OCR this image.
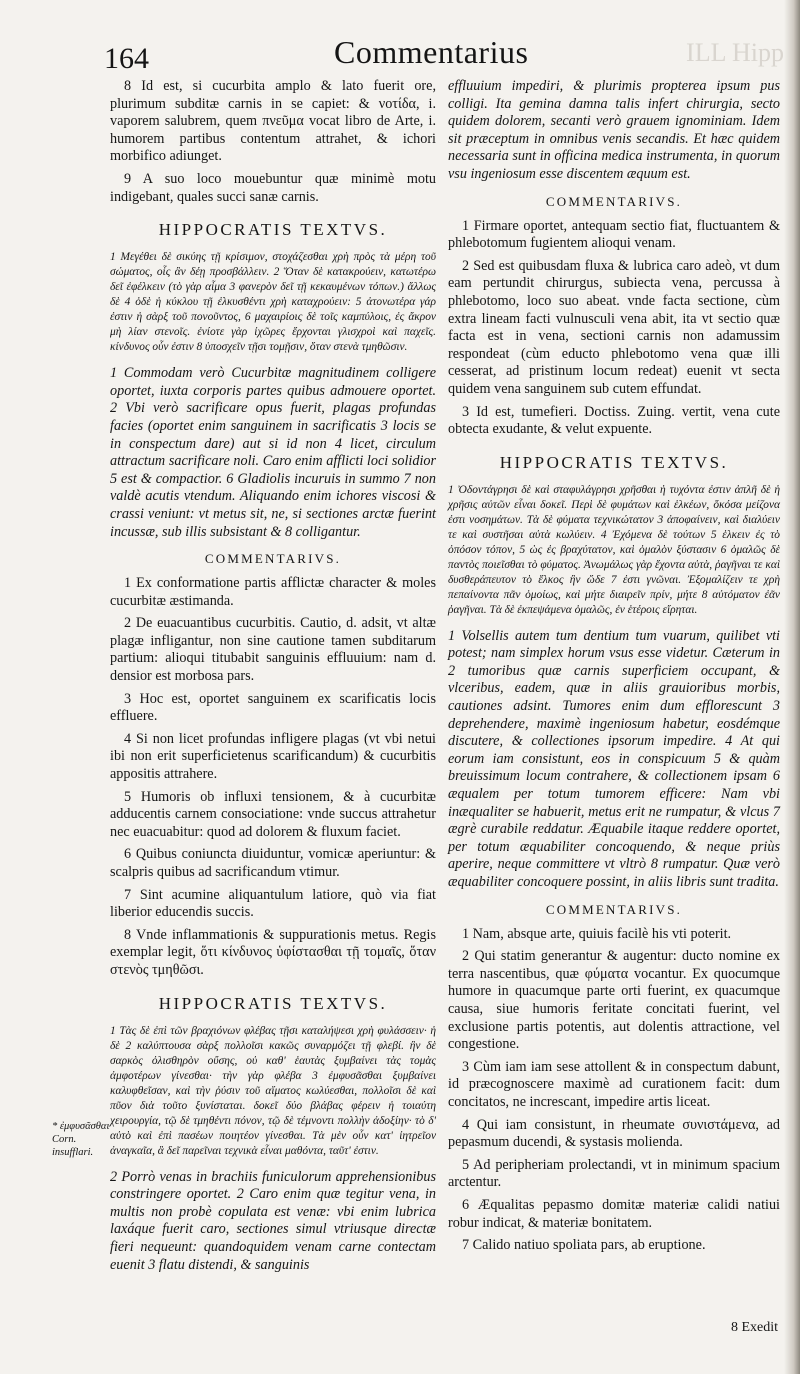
164	Commentarius	ILL Hipp

8 Id est, si cucurbita amplo & lato fuerit ore, plurimum subditæ carnis in se capiet: & νοτίδα, i. vaporem salubrem, quem πνεῦμα vocat libro de Arte, i. humorem partibus contentum attrahet, & ichori morbifico adiunget.

9 A suo loco mouebuntur quæ minimè motu indigebant, quales succi sanæ carnis.

HIPPOCRATIS TEXTVS.

1 Μεγέθει δὲ σικύης τῇ κρίσιμον, στοχάζεσθαι χρὴ πρὸς τὰ μέρη τοῦ σώματος, οἷς ἂν δέῃ προσβάλλειν. 2 Ὅταν δὲ κατακρούειν, κατωτέρω δεῖ ἐφέλκειν (τὸ γὰρ αἷμα 3 φανερὸν δεῖ τῇ κεκαυμένων τόπων.) ἄλλως δὲ 4 ὁδὲ ἡ κύκλου τῇ ἐλκυσθέντι χρὴ καταχρούειν: 5 ἀτονωτέρα γάρ ἐστιν ἡ σὰρξ τοῦ πονοῦντος, 6 μαχαιρίοις δὲ τοῖς καμπύλοις, ἐς ἄκρον μὴ λίαν στενοῖς. ἐνίοτε γὰρ ἰχῶρες ἔρχονται γλισχροὶ καὶ παχεῖς. κίνδυνος οὖν ἐστιν 8 ὑποσχεῖν τῇσι τομῇσιν, ὅταν στενὰ τμηθῶσιν.

1 Commodam verò Cucurbitæ magnitudinem colligere oportet, iuxta corporis partes quibus admouere oportet. 2 Vbi verò sacrificare opus fuerit, plagas profundas facies (oportet enim sanguinem in sacrificatis 3 locis se in conspectum dare) aut si id non 4 licet, circulum attractum sacrificare noli. Caro enim afflicti loci solidior 5 est & compactior. 6 Gladiolis incuruis in summo 7 non valdè acutis vtendum. Aliquando enim ichores viscosi & crassi veniunt: vt metus sit, ne, si sectiones arctæ fuerint incussæ, sub illis subsistant & 8 colligantur.

COMMENTARIVS.

1 Ex conformatione partis afflictæ character & moles cucurbitæ æstimanda.

2 De euacuantibus cucurbitis. Cautio, d. adsit, vt altæ plagæ infligantur, non sine cautione tamen subditarum partium: alioqui titubabit sanguinis effluuium: nam d. densior est morbosa pars.

3 Hoc est, oportet sanguinem ex scarificatis locis effluere.

4 Si non licet profundas infligere plagas (vt vbi netui ibi non erit superficietenus scarificandum) & cucurbitis appositis attrahere.

5 Humoris ob influxi tensionem, & à cucurbitæ adducentis carnem consociatione: vnde succus attrahetur nec euacuabitur: quod ad dolorem & fluxum faciet.

6 Quibus coniuncta diuiduntur, vomicæ aperiuntur: & scalpris quibus ad sacrificandum vtimur.

7 Sint acumine aliquantulum latiore, quò via fiat liberior educendis succis.

8 Vnde inflammationis & suppurationis metus. Regis exemplar legit, ὅτι κίνδυνος ὑφίστασθαι τῇ τομαῖς, ὅταν στενὸς τμηθῶσι.

HIPPOCRATIS TEXTVS.

1 Τὰς δὲ ἐπὶ τῶν βραχιόνων φλέβας τῇσι καταλήψεσι χρὴ φυλάσσειν· ἡ δὲ 2 καλύπτουσα σὰρξ πολλοῖσι κακῶς συναρμόζει τῇ φλεβί. ἢν δὲ σαρκὸς ὀλισθηρὸν οὔσης, οὐ καθ' ἑαυτὰς ξυμβαίνει τὰς τομὰς ἀμφοτέρων γίνεσθαι· τὴν γὰρ φλέβα 3 ἐμφυσᾶσθαι ξυμβαίνει καλυφθεῖσαν, καὶ τὴν ῥύσιν τοῦ αἵματος κωλύεσθαι, πολλοῖσι δὲ καὶ πῦον διὰ τοῦτο ξυνίσταται. δοκεῖ δύο βλάβας φέρειν ἡ τοιαύτη χειρουργία, τῷ δὲ τμηθέντι πόνον, τῷ δὲ τέμνοντι πολλὴν ἀδοξίην· τὸ δ' αὐτὸ καὶ ἐπὶ πασέων ποιητέον γίνεσθαι. Τὰ μὲν οὖν κατ' ἰητρεῖον ἀναγκαῖα, ἃ δεῖ παρεῖναι τεχνικὰ εἶναι μαθόντα, ταῦτ' ἐστιν.

2 Porrò venas in brachiis funiculorum apprehensionibus constringere oportet. 2 Caro enim quæ tegitur vena, in multis non probè copulata est venæ: vbi enim lubrica laxáque fuerit caro, sectiones simul vtriusque directæ fieri nequeunt: quandoquidem venam carne contectam euenit 3 flatu distendi, & sanguinis

* ἐμφυσᾶσθαι Corn. insufflari.

effluuium impediri, & plurimis propterea ipsum pus colligi. Ita gemina damna talis infert chirurgia, secto quidem dolorem, secanti verò grauem ignominiam. Idem sit præceptum in omnibus venis secandis. Et hæc quidem necessaria sunt in officina medica instrumenta, in quorum vsu ingeniosum esse discentem æquum est.

COMMENTARIVS.

1 Firmare oportet, antequam sectio fiat, fluctuantem & phlebotomum fugientem alioqui venam.

2 Sed est quibusdam fluxa & lubrica caro adeò, vt dum eam pertundit chirurgus, subiecta vena, percussa à phlebotomo, loco suo abeat. vnde facta sectione, cùm extra lineam facti vulnusculi vena abit, ita vt sectio quæ facta est in vena, sectioni carnis non adamussim respondeat (cùm educto phlebotomo vena quæ illi cesserat, ad pristinum locum redeat) euenit vt secta quidem vena sanguinem sub cutem effundat.

3 Id est, tumefieri. Doctiss. Zuing. vertit, vena cute obtecta exudante, & velut expuente.

HIPPOCRATIS TEXTVS.

1 Ὀδοντάγρησι δὲ καὶ σταφυλάγρησι χρῆσθαι ἡ τυχόντα ἐστιν ἁπλῆ δὲ ἡ χρῆσις αὐτῶν εἶναι δοκεῖ. Περὶ δὲ φυμάτων καὶ ἑλκέων, ὅκόσα μείζονα ἐστι νοσημάτων. Τὰ δὲ φύματα τεχνικώτατον 3 ἀποφαίνειν, καὶ διαλύειν τε καὶ συστῆσαι αὐτὰ κωλύειν. 4 Ἐχόμενα δὲ τούτων 5 ἑλκειν ἐς τὸ ὀπόσον τόπον, 5 ὡς ἐς βραχύτατον, καὶ ὁμαλὸν ξύστασιν 6 ὁμαλῶς δὲ παντὸς ποιεῖσθαι τὸ φύματος. Ἀνωμάλως γὰρ ἔχοντα αὐτὰ, ῥαγῆναι τε καὶ δυσθεράπευτον τὸ ἕλκος ἢν ὥδε 7 ἐστι γνῶναι. Ἐξομαλίζειν τε χρὴ πεπαίνοντα πᾶν ὁμοίως, καὶ μήτε διαιρεῖν πρίν, μήτε 8 αὐτόματον ἐᾶν ῥαγῆναι. Τὰ δὲ ἐκπεψάμενα ὁμαλῶς, ἐν ἑτέροις εἴρηται.

1 Volsellis autem tum dentium tum vuarum, quilibet vti potest; nam simplex horum vsus esse videtur. Cæterum in 2 tumoribus quæ carnis superficiem occupant, & vlceribus, eadem, quæ in aliis grauioribus morbis, cautiones adsint. Tumores enim dum efflorescunt 3 deprehendere, maximè ingeniosum habetur, eosdémque discutere, & collectiones ipsorum impedire. 4 At qui eorum iam consistunt, eos in conspicuum 5 & quàm breuissimum locum contrahere, & collectionem ipsam 6 æqualem per totum tumorem efficere: Nam vbi inæqualiter se habuerit, metus erit ne rumpatur, & vlcus 7 ægrè curabile reddatur. Æquabile itaque reddere oportet, per totum æquabiliter concoquendo, & neque priùs aperire, neque committere vt vltrò 8 rumpatur. Quæ verò æquabiliter concoquere possint, in aliis libris sunt tradita.

COMMENTARIVS.

1 Nam, absque arte, quiuis facilè his vti poterit.

2 Qui statim generantur & augentur: ducto nomine ex terra nascentibus, quæ φύματα vocantur. Ex quocumque humore in quacumque parte orti fuerint, ex quacumque causa, siue humoris feritate concitati fuerint, vel exclusione partis potentis, aut dolentis attractione, vel congestione.

3 Cùm iam iam sese attollent & in conspectum dabunt, id præcognoscere maximè ad curationem facit: dum concitatos, ne increscant, impedire artis liceat.

4 Qui iam consistunt, in rheumate συνιστάμενα, ad pepasmum ducendi, & systasis molienda.

5 Ad peripheriam prolectandi, vt in minimum spacium arctentur.

6 Æqualitas pepasmo domitæ materiæ calidi natiui robur indicat, & materiæ bonitatem.

7 Calido natiuo spoliata pars, ab eruptione.

8 Exedit
